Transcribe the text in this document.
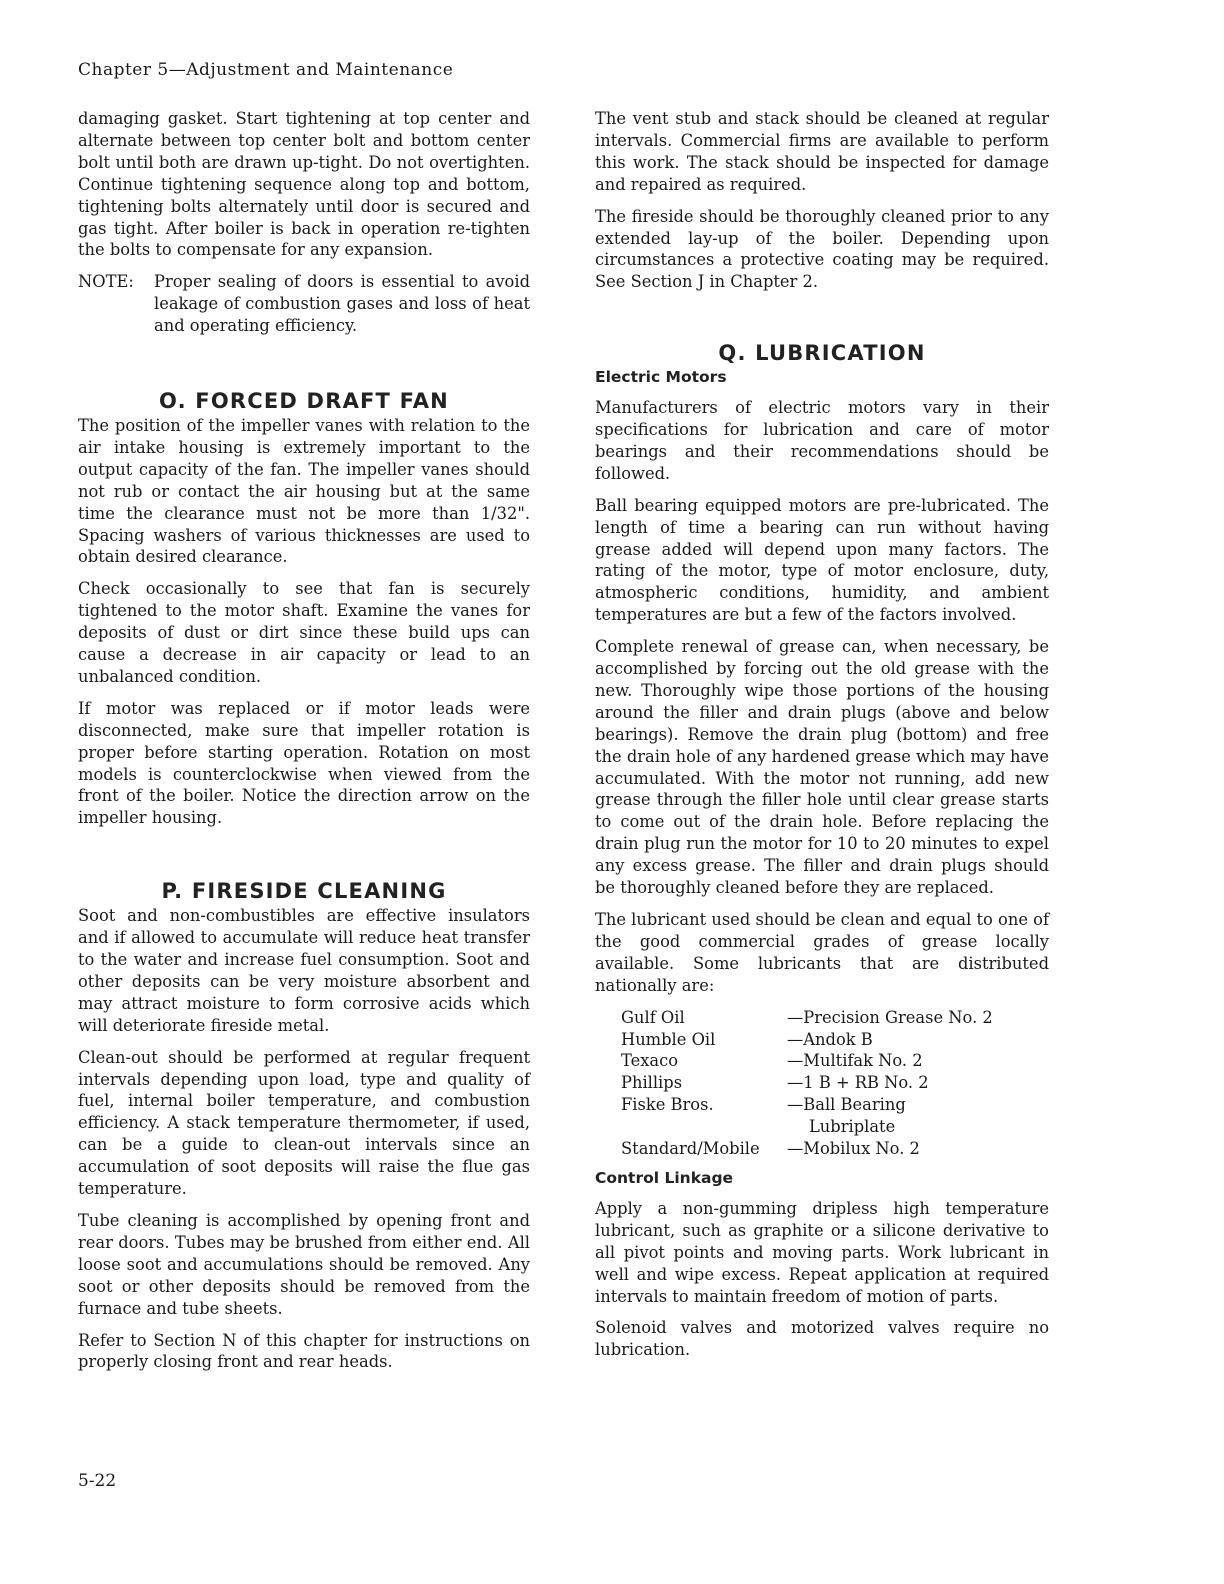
Chapter 5—Adjustment and Maintenance

damaging gasket. Start tightening at top center and alternate between top center bolt and bottom center bolt until both are drawn up-tight. Do not overtighten. Continue tightening sequence along top and bottom, tightening bolts alternately until door is secured and gas tight. After boiler is back in operation re-tighten the bolts to compensate for any expansion.

NOTE:	Proper sealing of doors is essential to avoid leakage of combustion gases and loss of heat and operating efficiency.
O. FORCED DRAFT FAN

The position of the impeller vanes with relation to the air intake housing is extremely important to the output capacity of the fan. The impeller vanes should not rub or contact the air housing but at the same time the clearance must not be more than 1/32". Spacing washers of various thicknesses are used to obtain desired clearance.

Check occasionally to see that fan is securely tightened to the motor shaft. Examine the vanes for deposits of dust or dirt since these build ups can cause a decrease in air capacity or lead to an unbalanced condition.

If motor was replaced or if motor leads were disconnected, make sure that impeller rotation is proper before starting operation. Rotation on most models is counterclockwise when viewed from the front of the boiler. Notice the direction arrow on the impeller housing.

P. FIRESIDE CLEANING

Soot and non-combustibles are effective insulators and if allowed to accumulate will reduce heat transfer to the water and increase fuel consumption. Soot and other deposits can be very moisture absorbent and may attract moisture to form corrosive acids which will deteriorate fireside metal.

Clean-out should be performed at regular frequent intervals depending upon load, type and quality of fuel, internal boiler temperature, and combustion efficiency. A stack temperature thermometer, if used, can be a guide to clean-out intervals since an accumulation of soot deposits will raise the flue gas temperature.

Tube cleaning is accomplished by opening front and rear doors. Tubes may be brushed from either end. All loose soot and accumulations should be removed. Any soot or other deposits should be removed from the furnace and tube sheets.

Refer to Section N of this chapter for instructions on properly closing front and rear heads.

The vent stub and stack should be cleaned at regular intervals. Commercial firms are available to perform this work. The stack should be inspected for damage and repaired as required.

The fireside should be thoroughly cleaned prior to any extended lay-up of the boiler. Depending upon circumstances a protective coating may be required. See Section J in Chapter 2.

Q. LUBRICATION
Electric Motors

Manufacturers of electric motors vary in their specifications for lubrication and care of motor bearings and their recommendations should be followed.

Ball bearing equipped motors are pre-lubricated. The length of time a bearing can run without having grease added will depend upon many factors. The rating of the motor, type of motor enclosure, duty, atmospheric conditions, humidity, and ambient temperatures are but a few of the factors involved.

Complete renewal of grease can, when necessary, be accomplished by forcing out the old grease with the new. Thoroughly wipe those portions of the housing around the filler and drain plugs (above and below bearings). Remove the drain plug (bottom) and free the drain hole of any hardened grease which may have accumulated. With the motor not running, add new grease through the filler hole until clear grease starts to come out of the drain hole. Before replacing the drain plug run the motor for 10 to 20 minutes to expel any excess grease. The filler and drain plugs should be thoroughly cleaned before they are replaced.

The lubricant used should be clean and equal to one of the good commercial grades of grease locally available. Some lubricants that are distributed nationally are:

Gulf Oil	—Precision Grease No. 2
Humble Oil	—Andok B
Texaco	—Multifak No. 2
Phillips	—1 B + RB No. 2
Fiske Bros.	—Ball Bearing
	Lubriplate
Standard/Mobile	—Mobilux No. 2
Control Linkage

Apply a non-gumming dripless high temperature lubricant, such as graphite or a silicone derivative to all pivot points and moving parts. Work lubricant in well and wipe excess. Repeat application at required intervals to maintain freedom of motion of parts.

Solenoid valves and motorized valves require no lubrication.

5-22
